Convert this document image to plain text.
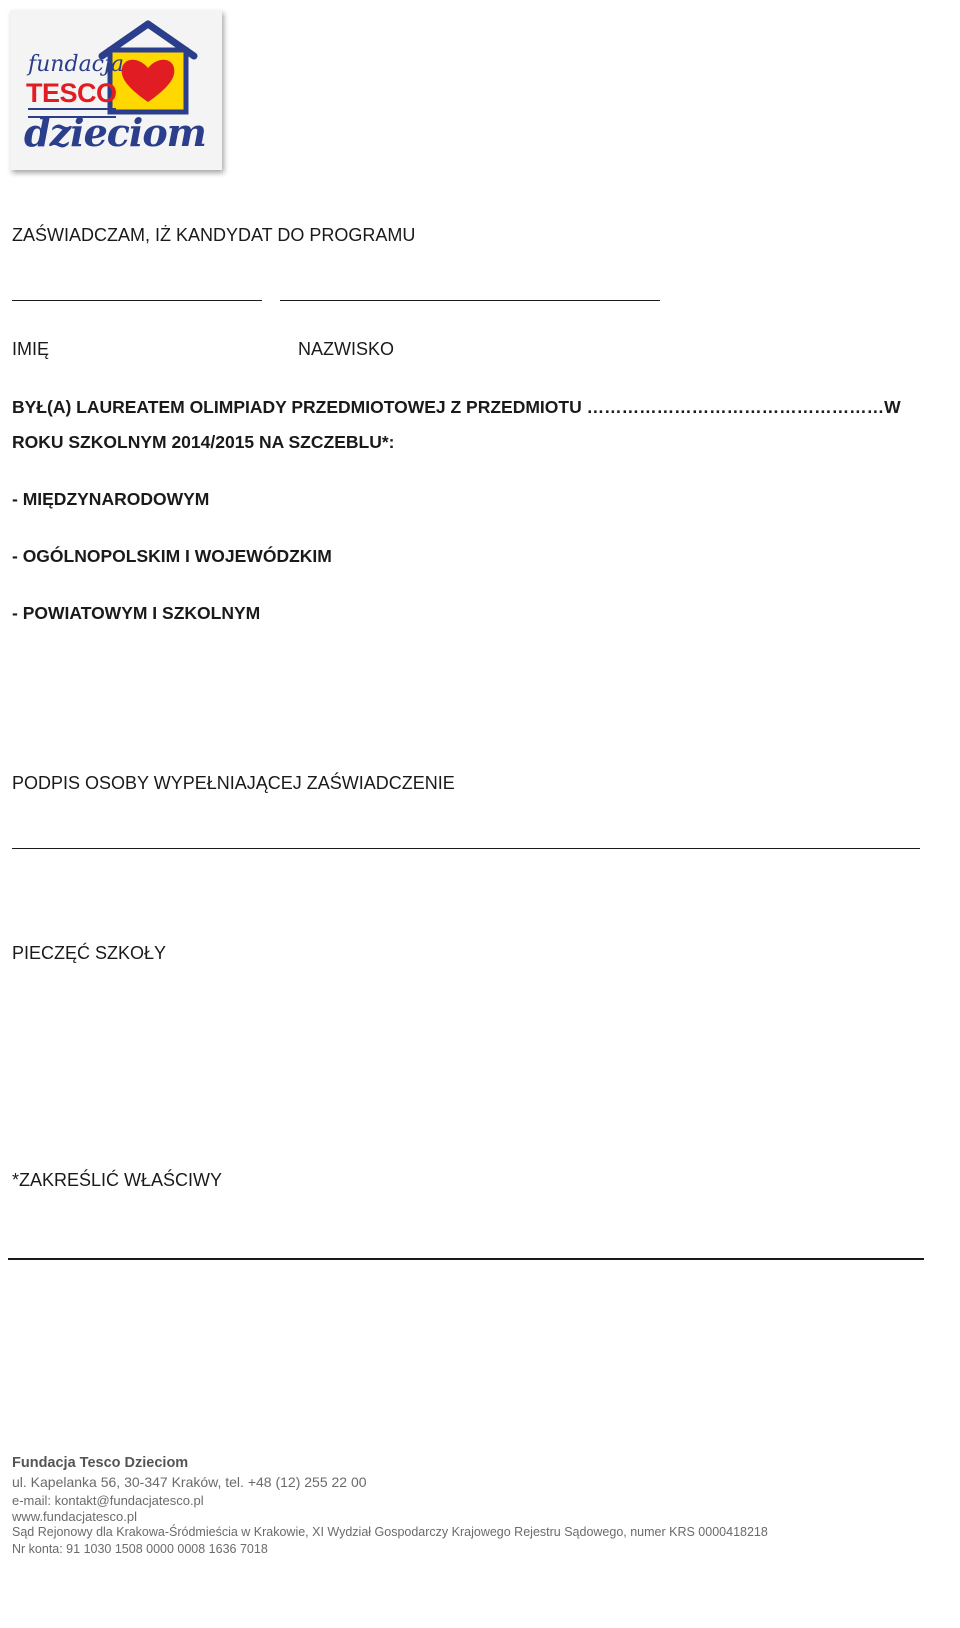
fundacja
TESCO
dzieciom
ZAŚWIADCZAM, IŻ KANDYDAT DO PROGRAMU
IMIĘ	NAZWISKO
BYŁ(A) LAUREATEM OLIMPIADY PRZEDMIOTOWEJ Z PRZEDMIOTU ……………………………………………W
ROKU SZKOLNYM 2014/2015 NA SZCZEBLU*:
- MIĘDZYNARODOWYM
- OGÓLNOPOLSKIM I WOJEWÓDZKIM
- POWIATOWYM I SZKOLNYM
PODPIS OSOBY WYPEŁNIAJĄCEJ ZAŚWIADCZENIE
PIECZĘĆ SZKOŁY
*ZAKREŚLIĆ WŁAŚCIWY
Fundacja Tesco Dzieciom
ul. Kapelanka 56, 30-347 Kraków, tel. +48 (12) 255 22 00
e-mail: kontakt@fundacjatesco.pl
www.fundacjatesco.pl
Sąd Rejonowy dla Krakowa-Śródmieścia w Krakowie, XI Wydział Gospodarczy Krajowego Rejestru Sądowego, numer KRS 0000418218
Nr konta: 91 1030 1508 0000 0008 1636 7018
